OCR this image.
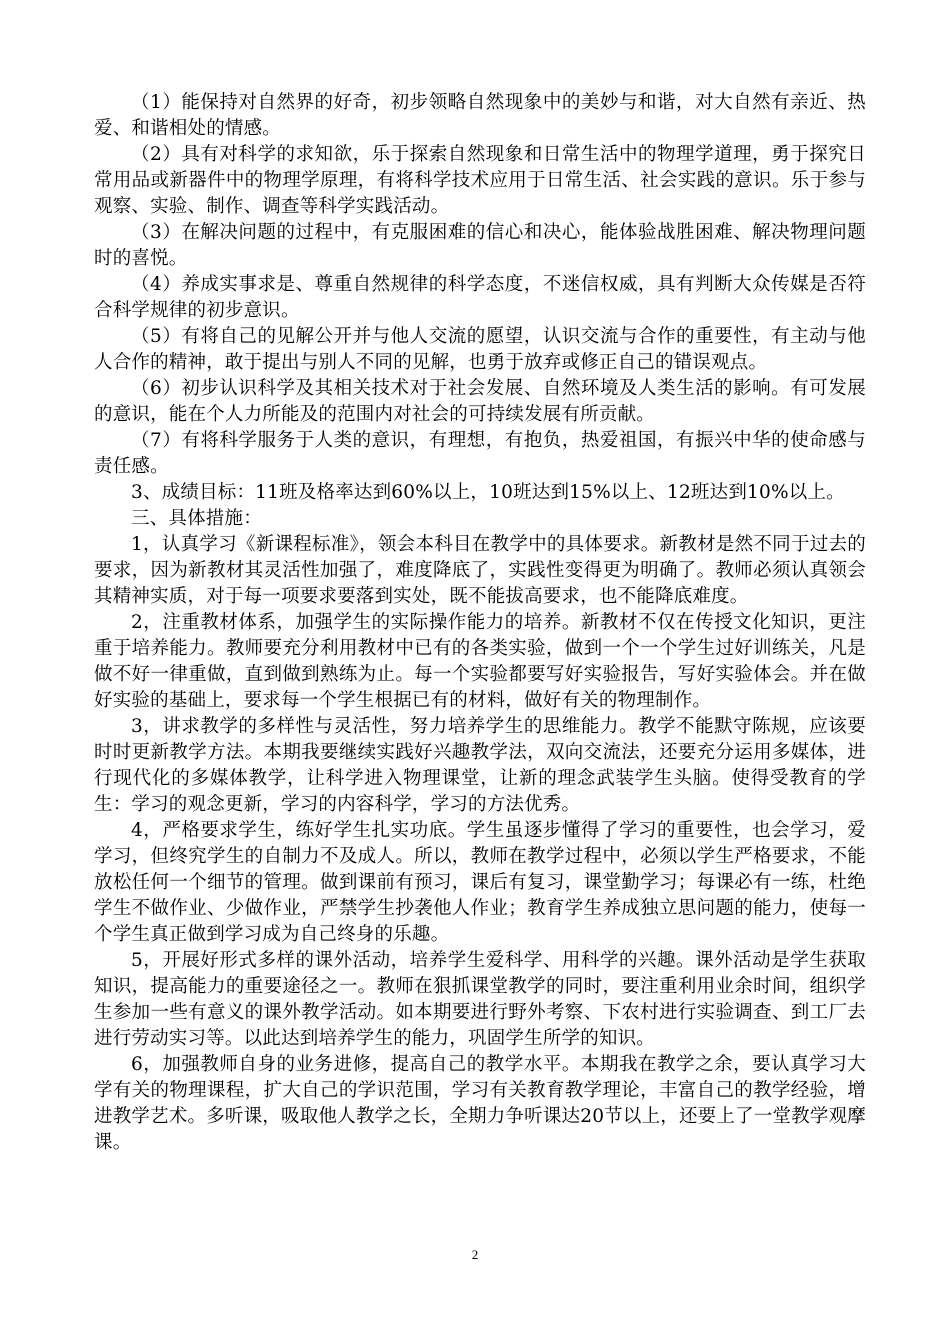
（1）能保持对自然界的好奇，初步领略自然现象中的美妙与和谐，对大自然有亲近、热爱、和谐相处的情感。

（2）具有对科学的求知欲，乐于探索自然现象和日常生活中的物理学道理，勇于探究日常用品或新器件中的物理学原理，有将科学技术应用于日常生活、社会实践的意识。乐于参与观察、实验、制作、调查等科学实践活动。

（3）在解决问题的过程中，有克服困难的信心和决心，能体验战胜困难、解决物理问题时的喜悦。

（4）养成实事求是、尊重自然规律的科学态度，不迷信权威，具有判断大众传媒是否符合科学规律的初步意识。

（5）有将自己的见解公开并与他人交流的愿望，认识交流与合作的重要性，有主动与他人合作的精神，敢于提出与别人不同的见解，也勇于放弃或修正自己的错误观点。

（6）初步认识科学及其相关技术对于社会发展、自然环境及人类生活的影响。有可发展的意识，能在个人力所能及的范围内对社会的可持续发展有所贡献。

（7）有将科学服务于人类的意识，有理想，有抱负，热爱祖国，有振兴中华的使命感与责任感。

3、成绩目标：11班及格率达到60%以上，10班达到15%以上、12班达到10%以上。

三、具体措施：

1，认真学习《新课程标准》，领会本科目在教学中的具体要求。新教材是然不同于过去的要求，因为新教材其灵活性加强了，难度降底了，实践性变得更为明确了。教师必须认真领会其精神实质，对于每一项要求要落到实处，既不能拔高要求，也不能降底难度。

2，注重教材体系，加强学生的实际操作能力的培养。新教材不仅在传授文化知识，更注重于培养能力。教师要充分利用教材中已有的各类实验，做到一个一个学生过好训练关，凡是做不好一律重做，直到做到熟练为止。每一个实验都要写好实验报告，写好实验体会。并在做好实验的基础上，要求每一个学生根据已有的材料，做好有关的物理制作。

3，讲求教学的多样性与灵活性，努力培养学生的思维能力。教学不能默守陈规，应该要时时更新教学方法。本期我要继续实践好兴趣教学法，双向交流法，还要充分运用多媒体，进行现代化的多媒体教学，让科学进入物理课堂，让新的理念武装学生头脑。使得受教育的学生：学习的观念更新，学习的内容科学，学习的方法优秀。

4，严格要求学生，练好学生扎实功底。学生虽逐步懂得了学习的重要性，也会学习，爱学习，但终究学生的自制力不及成人。所以，教师在教学过程中，必须以学生严格要求，不能放松任何一个细节的管理。做到课前有预习，课后有复习，课堂勤学习；每课必有一练，杜绝学生不做作业、少做作业，严禁学生抄袭他人作业；教育学生养成独立思问题的能力，使每一个学生真正做到学习成为自己终身的乐趣。

5，开展好形式多样的课外活动，培养学生爱科学、用科学的兴趣。课外活动是学生获取知识，提高能力的重要途径之一。教师在狠抓课堂教学的同时，要注重利用业余时间，组织学生参加一些有意义的课外教学活动。如本期要进行野外考察、下农村进行实验调查、到工厂去进行劳动实习等。以此达到培养学生的能力，巩固学生所学的知识。

6，加强教师自身的业务进修，提高自己的教学水平。本期我在教学之余，要认真学习大学有关的物理课程，扩大自己的学识范围，学习有关教育教学理论，丰富自己的教学经验，增进教学艺术。多听课，吸取他人教学之长，全期力争听课达20节以上，还要上了一堂教学观摩课。

2
